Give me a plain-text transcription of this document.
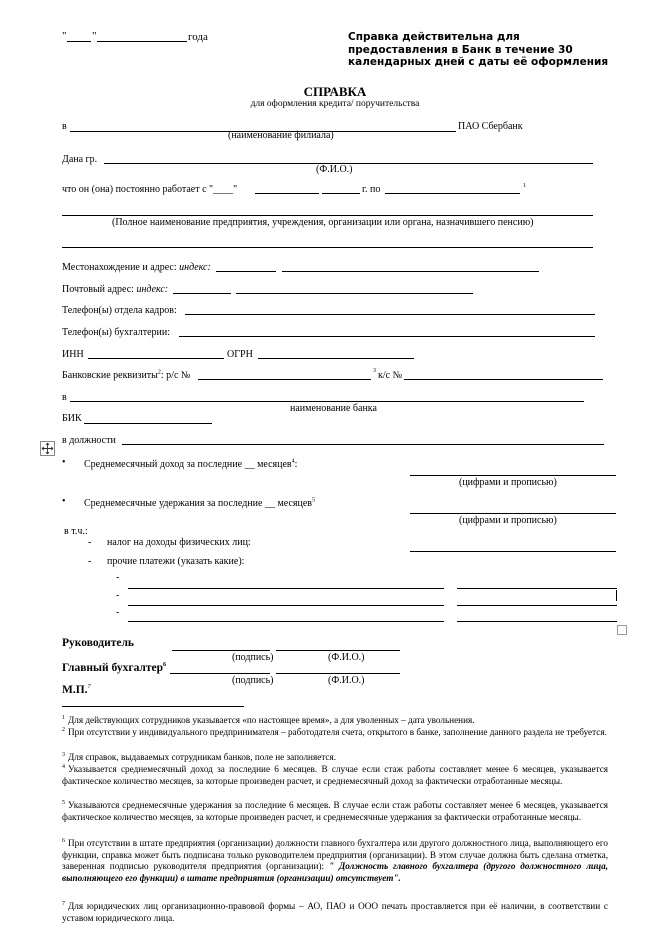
" "	года	Справка действительна для предоставления в Банк в течение 30 календарных дней с даты её оформления
СПРАВКА
для оформления кредита/ поручительства
в	ПАО Сбербанк
(наименование филиала)
Дана гр.
(Ф.И.О.)
что он (она) постоянно работает с "____"	г. по	1
(Полное наименование предприятия, учреждения, организации или органа, назначившего пенсию)
Местонахождение и адрес: индекс:
Почтовый адрес: индекс:
Телефон(ы) отдела кадров:
Телефон(ы) бухгалтерии:
ИНН	ОГРН
Банковские реквизиты$^2$: р/с №	3 к/с №
в
наименование банка
БИК
в должности
• Среднемесячный доход за последние __ месяцев$^4$:
(цифрами и прописью)
• Среднемесячные удержания за последние __ месяцев$^5$
(цифрами и прописью)
в т.ч.:
- налог на доходы физических лиц:
- прочие платежи (указать какие):
-
-
-
Руководитель
(подпись)	(Ф.И.О.)
Главный бухгалтер$^6$
(подпись)	(Ф.И.О.)
М.П.$^7$
$^1$ Для действующих сотрудников указывается «по настоящее время», а для уволенных – дата увольнения.
$^2$ При отсутствии у индивидуального предпринимателя – работодателя счета, открытого в банке, заполнение данного раздела не требуется.
$^3$ Для справок, выдаваемых сотрудникам банков, поле не заполняется.
$^4$ Указывается среднемесячный доход за последние 6 месяцев. В случае если стаж работы составляет менее 6 месяцев, указывается фактическое количество месяцев, за которые произведен расчет, и среднемесячный доход за фактически отработанные месяцы.
$^5$ Указываются среднемесячные удержания за последние 6 месяцев. В случае если стаж работы составляет менее 6 месяцев, указывается фактическое количество месяцев, за которые произведен расчет, и среднемесячные удержания за фактически отработанные месяцы.
$^6$ При отсутствии в штате предприятия (организации) должности главного бухгалтера или другого должностного лица, выполняющего его функции, справка может быть подписана только руководителем предприятия (организации). В этом случае должна быть сделана отметка, заверенная подписью руководителя предприятия (организации): " Должность главного бухгалтера (другого должностного лица, выполняющего его функции) в штате предприятия (организации) отсутствует".
$^7$ Для юридических лиц организационно-правовой формы – АО, ПАО и ООО печать проставляется при её наличии, в соответствии с уставом юридического лица.
